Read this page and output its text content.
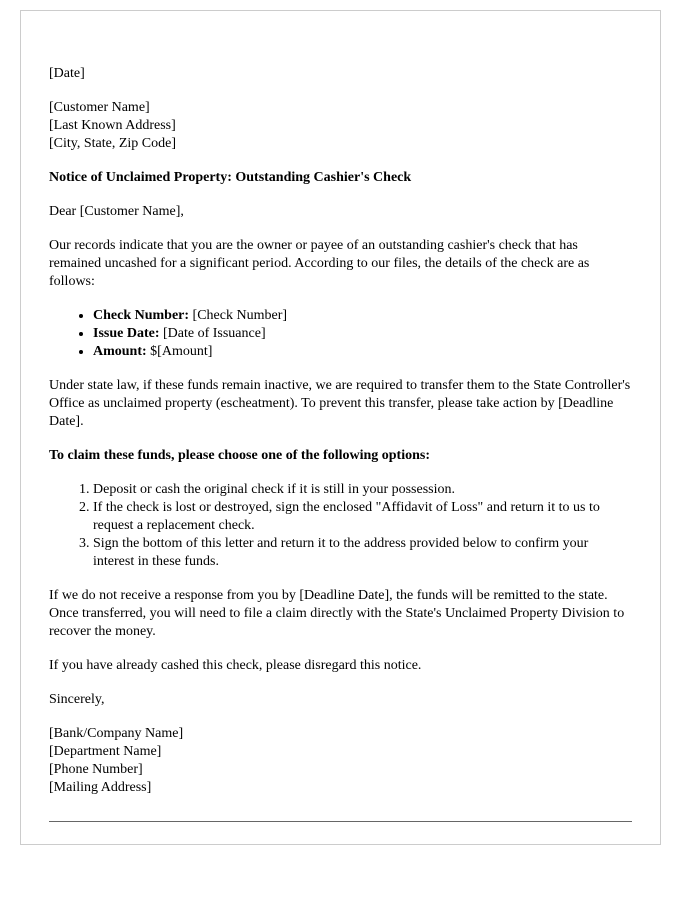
[Date]

[Customer Name]

[Last Known Address]

[City, State, Zip Code]

Notice of Unclaimed Property: Outstanding Cashier's Check

Dear [Customer Name],

Our records indicate that you are the owner or payee of an outstanding cashier's check that has remained uncashed for a significant period. According to our files, the details of the check are as follows:

• Check Number: [Check Number]
• Issue Date: [Date of Issuance]
• Amount: $[Amount]

Under state law, if these funds remain inactive, we are required to transfer them to the State Controller's Office as unclaimed property (escheatment). To prevent this transfer, please take action by [Deadline Date].

To claim these funds, please choose one of the following options:

1. Deposit or cash the original check if it is still in your possession.
2. If the check is lost or destroyed, sign the enclosed "Affidavit of Loss" and return it to us to request a replacement check.
3. Sign the bottom of this letter and return it to the address provided below to confirm your interest in these funds.

If we do not receive a response from you by [Deadline Date], the funds will be remitted to the state. Once transferred, you will need to file a claim directly with the State's Unclaimed Property Division to recover the money.

If you have already cashed this check, please disregard this notice.

Sincerely,

[Bank/Company Name]

[Department Name]

[Phone Number]

[Mailing Address]
